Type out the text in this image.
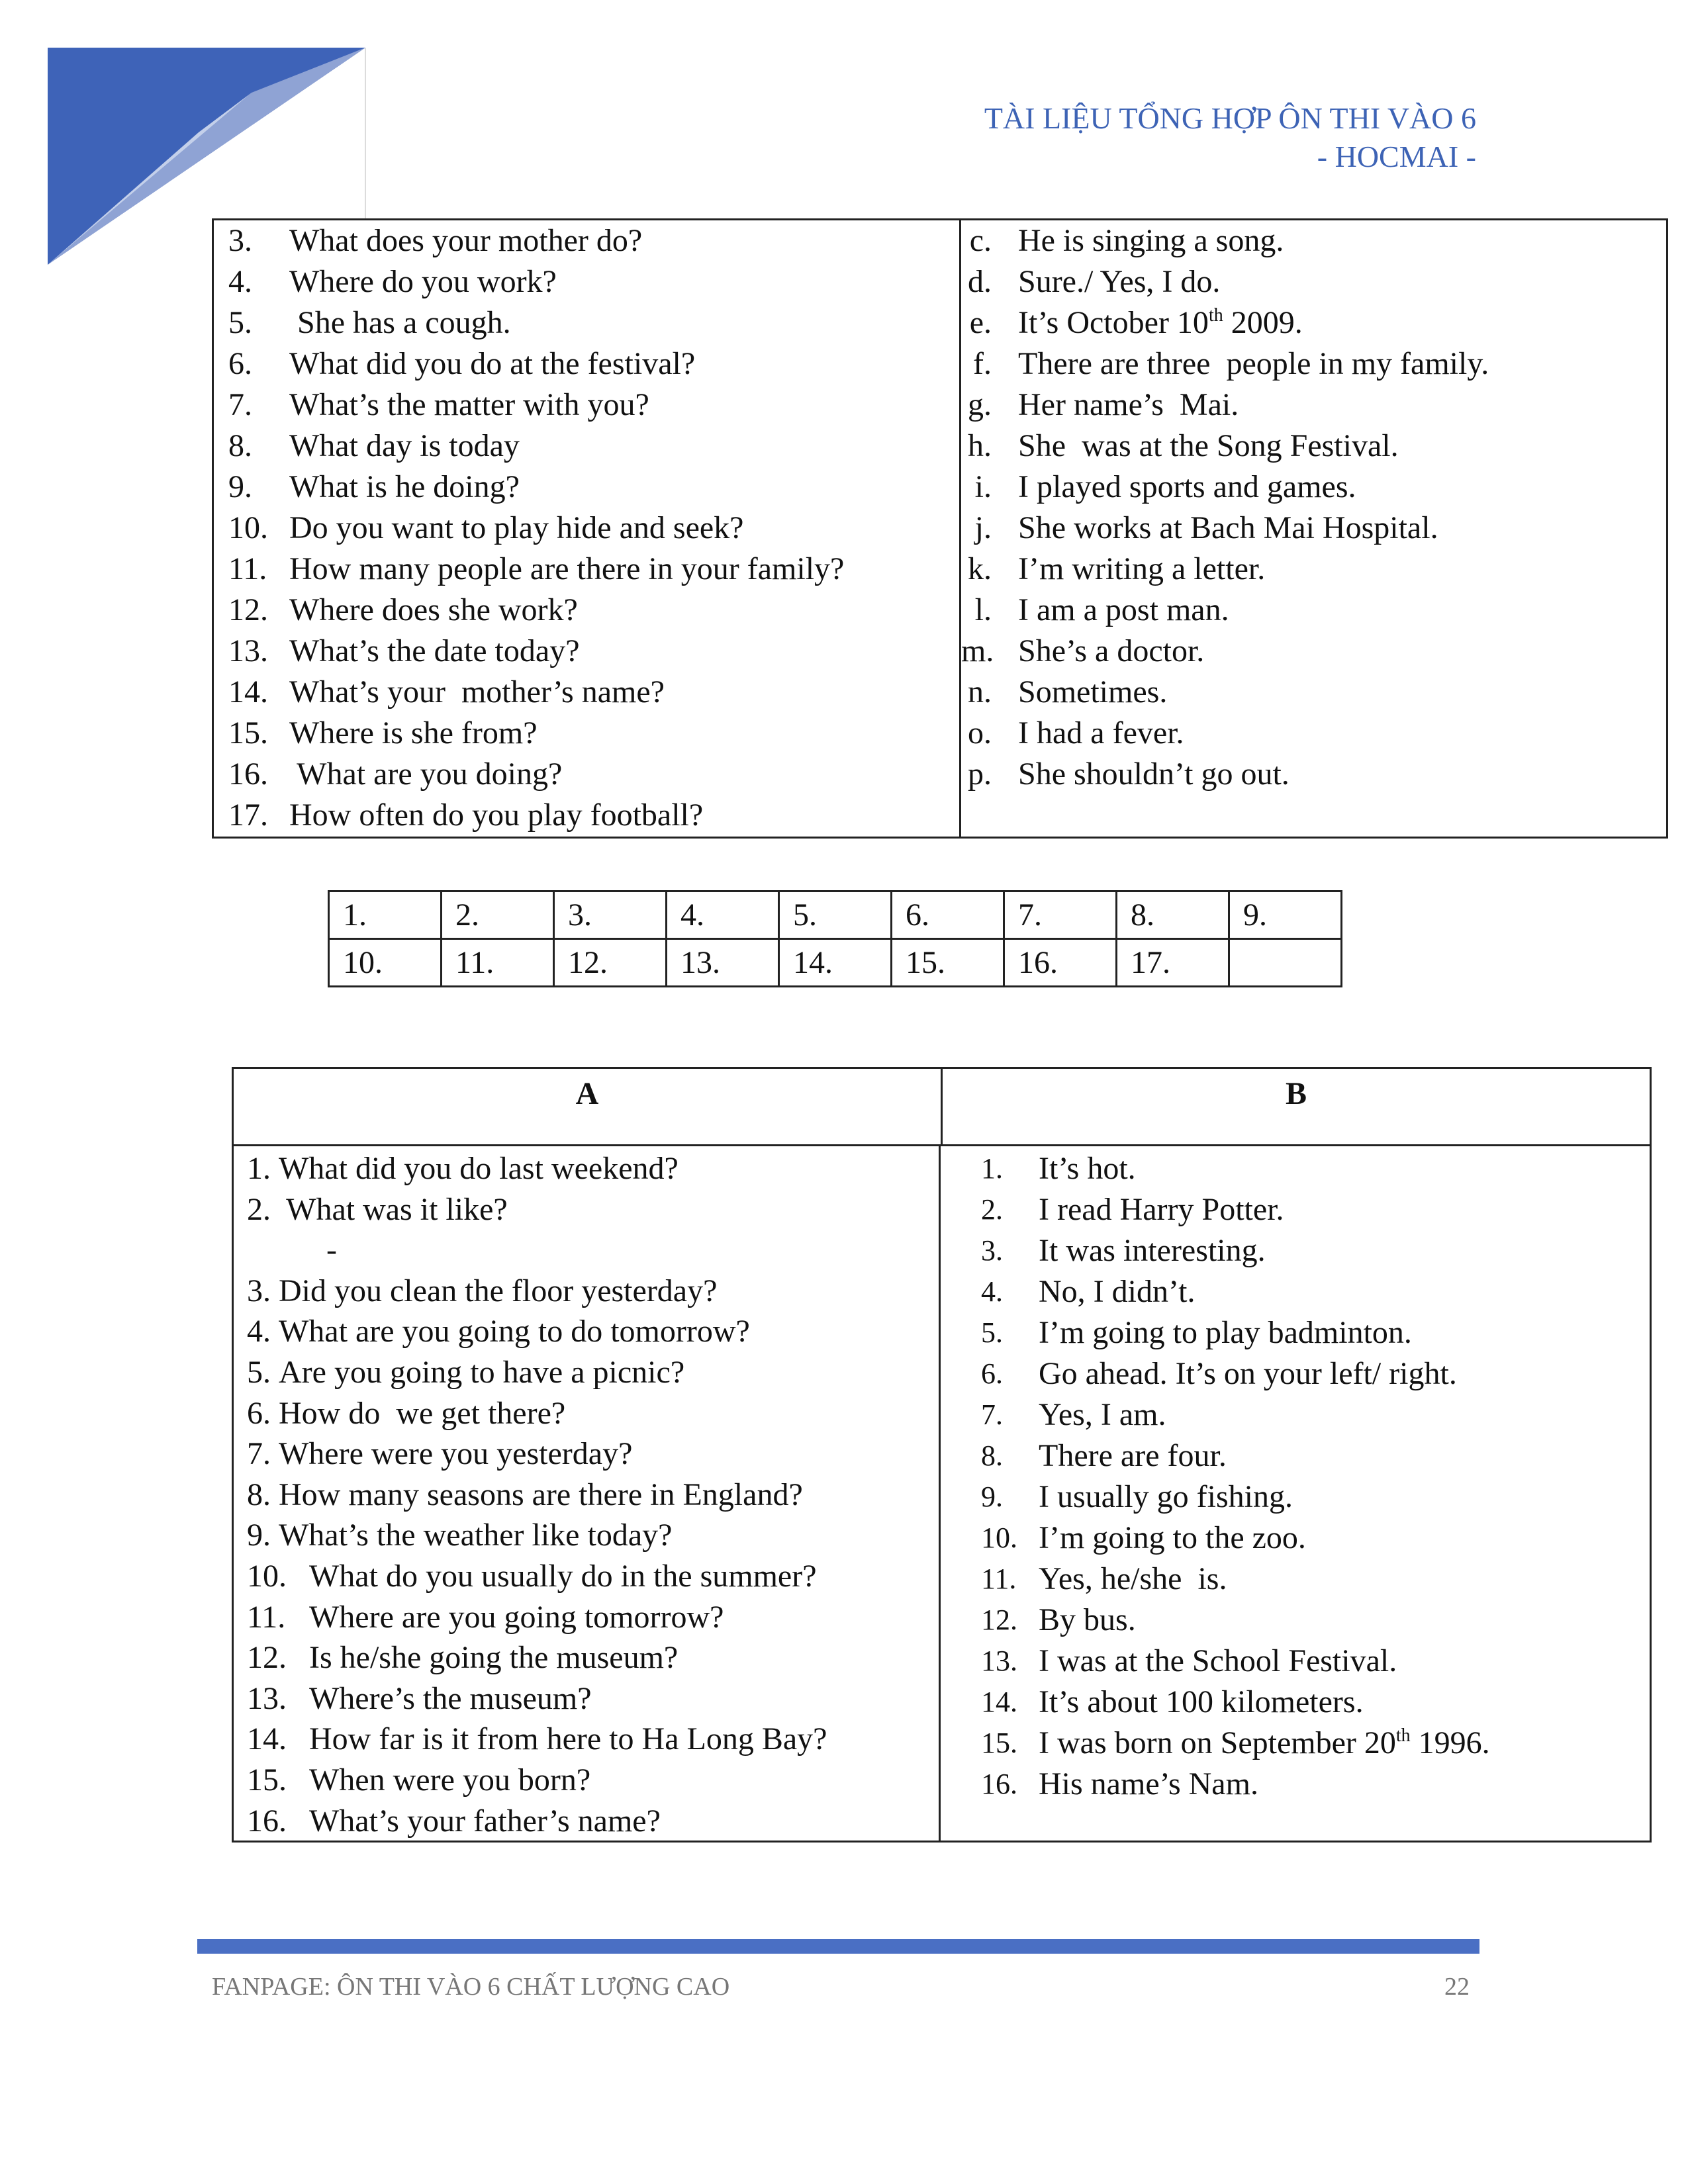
TÀI LIỆU TỔNG HỢP ÔN THI VÀO 6
- HOCMAI -
3.	What does your mother do?
4.	Where do you work?
5.	She has a cough.
6.	What did you do at the festival?
7.	What’s the matter with you?
8.	What day is today
9.	What is he doing?
10. Do you want to play hide and seek?
11. How many people are there in your family?
12. Where does she work?
13. What’s the date today?
14. What’s your  mother’s name?
15. Where is she from?
16. What are you doing?
17. How often do you play football?
c. He is singing a song.
d. Sure./ Yes, I do.
e. It’s October 10th 2009.
f. There are three  people in my family.
g. Her name’s  Mai.
h. She  was at the Song Festival.
i. I played sports and games.
j. She works at Bach Mai Hospital.
k. I’m writing a letter.
l. I am a post man.
m. She’s a doctor.
n. Sometimes.
o. I had a fever.
p. She shouldn’t go out.
1.	2.	3.	4.	5.	6.	7.	8.	9.
10.	11.	12.	13.	14.	15.	16.	17.	
A	B
1. What did you do last weekend?
2. What was it like?
-
3. Did you clean the floor yesterday?
4. What are you going to do tomorrow?
5. Are you going to have a picnic?
6. How do  we get there?
7. Where were you yesterday?
8. How many seasons are there in England?
9. What’s the weather like today?
10. What do you usually do in the summer?
11. Where are you going tomorrow?
12. Is he/she going the museum?
13. Where’s the museum?
14. How far is it from here to Ha Long Bay?
15. When were you born?
16. What’s your father’s name?
1.	It’s hot.
2.	I read Harry Potter.
3.	It was interesting.
4.	No, I didn’t.
5.	I’m going to play badminton.
6.	Go ahead. It’s on your left/ right.
7.	Yes, I am.
8.	There are four.
9.	I usually go fishing.
10. I’m going to the zoo.
11. Yes, he/she  is.
12. By bus.
13. I was at the School Festival.
14. It’s about 100 kilometers.
15. I was born on September 20th 1996.
16. His name’s Nam.
FANPAGE: ÔN THI VÀO 6 CHẤT LƯỢNG CAO	22
